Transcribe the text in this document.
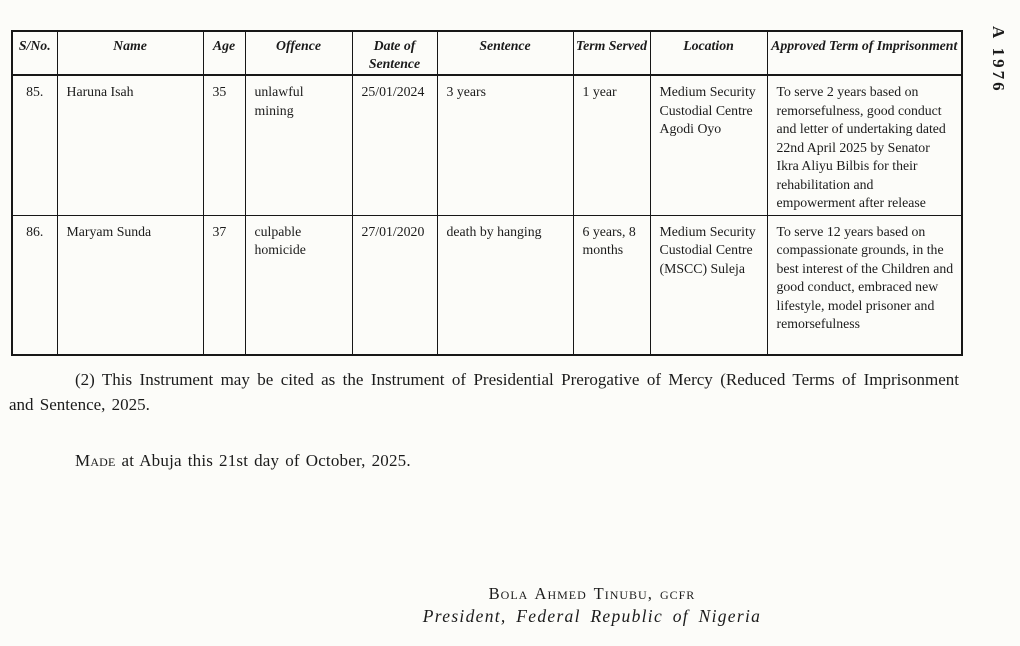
A 1976
S/No.	Name	Age	Offence	Date of Sentence	Sentence	Term Served	Location	Approved Term of Imprisonment
85.	Haruna Isah	35	unlawful mining	25/01/2024	3 years	1 year	Medium Security Custodial Centre Agodi Oyo	To serve 2 years based on remorsefulness, good conduct and letter of undertaking dated 22nd April 2025 by Senator Ikra Aliyu Bilbis for their rehabilitation and empowerment after release
86.	Maryam Sunda	37	culpable homicide	27/01/2020	death by hanging	6 years, 8 months	Medium Security Custodial Centre (MSCC) Suleja	To serve 12 years based on compassionate grounds, in the best interest of the Children and good conduct, embraced new lifestyle, model prisoner and remorsefulness

(2) This Instrument may be cited as the Instrument of Presidential Prerogative of Mercy (Reduced Terms of Imprisonment and Sentence, 2025.

Made at Abuja this 21st day of October, 2025.

Bola Ahmed Tinubu, gcfr
President, Federal Republic of Nigeria
